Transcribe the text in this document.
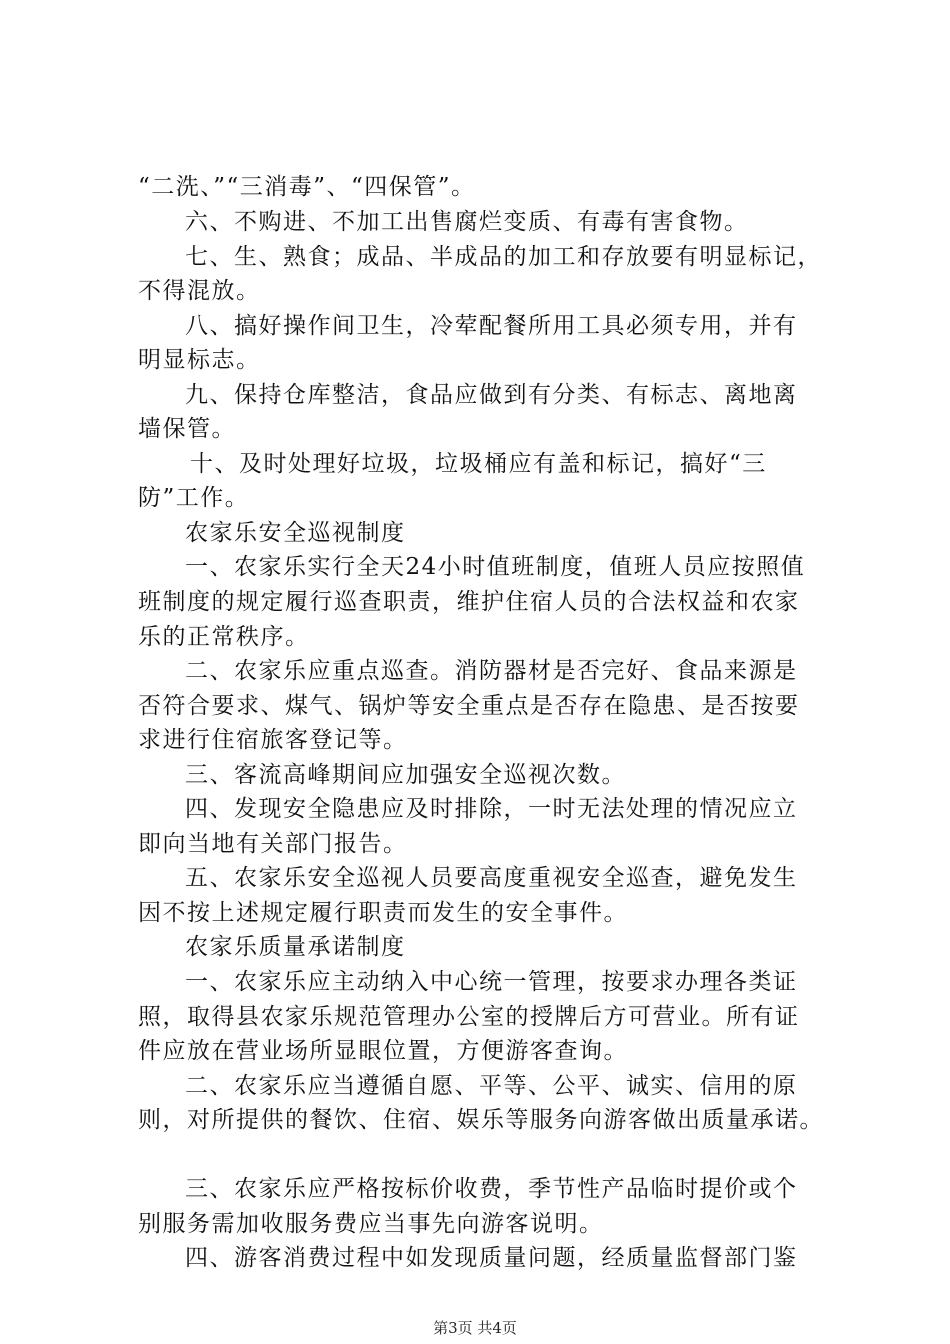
“二洗、”“三消毒”、“四保管”。
六、不购进、不加工出售腐烂变质、有毒有害食物。
七、生、熟食；成品、半成品的加工和存放要有明显标记，
不得混放。
八、搞好操作间卫生，冷荤配餐所用工具必须专用，并有
明显标志。
九、保持仓库整洁，食品应做到有分类、有标志、离地离
墙保管。
十、及时处理好垃圾，垃圾桶应有盖和标记，搞好“三
防”工作。
农家乐安全巡视制度
一、农家乐实行全天24小时值班制度，值班人员应按照值
班制度的规定履行巡查职责，维护住宿人员的合法权益和农家
乐的正常秩序。
二、农家乐应重点巡查。消防器材是否完好、食品来源是
否符合要求、煤气、锅炉等安全重点是否存在隐患、是否按要
求进行住宿旅客登记等。
三、客流高峰期间应加强安全巡视次数。
四、发现安全隐患应及时排除，一时无法处理的情况应立
即向当地有关部门报告。
五、农家乐安全巡视人员要高度重视安全巡查，避免发生
因不按上述规定履行职责而发生的安全事件。
农家乐质量承诺制度
一、农家乐应主动纳入中心统一管理，按要求办理各类证
照，取得县农家乐规范管理办公室的授牌后方可营业。所有证
件应放在营业场所显眼位置，方便游客查询。
二、农家乐应当遵循自愿、平等、公平、诚实、信用的原
则，对所提供的餐饮、住宿、娱乐等服务向游客做出质量承诺。
三、农家乐应严格按标价收费，季节性产品临时提价或个
别服务需加收服务费应当事先向游客说明。
四、游客消费过程中如发现质量问题，经质量监督部门鉴
第3页 共4页
